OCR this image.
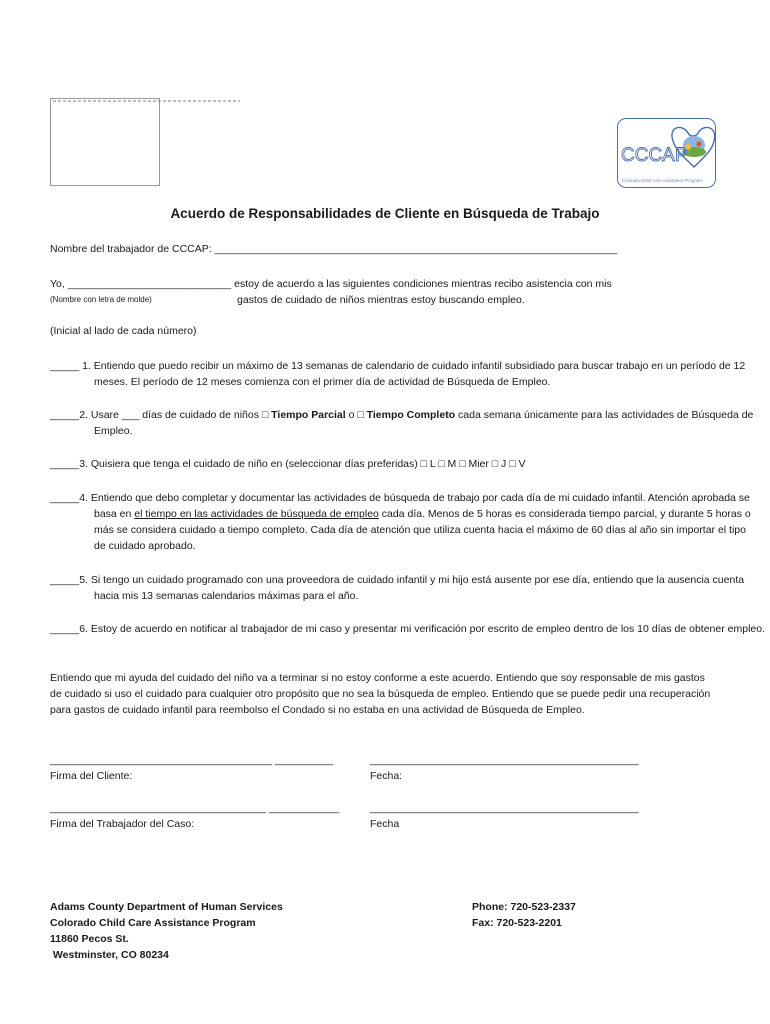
CCCAP
Colorado Child Care Assistance Program
Acuerdo de Responsabilidades de Cliente en Búsqueda de Trabajo
Nombre del trabajador de CCCAP: _____________________________________________________________________
Yo, ____________________________ estoy de acuerdo a las siguientes condiciones mientras recibo asistencia con mis
(Nombre con letra de molde)	gastos de cuidado de niños mientras estoy buscando empleo.
(Inicial al lado de cada número)
_____ 1. Entiendo que puedo recibir un máximo de 13 semanas de calendario de cuidado infantil subsidiado para buscar trabajo en un período de 12 meses. El período de 12 meses comienza con el primer día de actividad de Búsqueda de Empleo.
_____2. Usare ___ días de cuidado de niños □ Tiempo Parcial o □ Tiempo Completo cada semana únicamente para las actividades de Búsqueda de Empleo.
_____3. Quisiera que tenga el cuidado de niño en (seleccionar días preferidas) □ L □ M □ Mier □ J □ V
_____4. Entiendo que debo completar y documentar las actividades de búsqueda de trabajo por cada día de mi cuidado infantil. Atención aprobada se basa en el tiempo en las actividades de búsqueda de empleo cada día. Menos de 5 horas es considerada tiempo parcial, y durante 5 horas o más se considera cuidado a tiempo completo. Cada día de atención que utiliza cuenta hacia el máximo de 60 días al año sin importar el tipo de cuidado aprobado.
_____5. Si tengo un cuidado programado con una proveedora de cuidado infantil y mi hijo está ausente por ese día, entiendo que la ausencia cuenta hacia mis 13 semanas calendarios máximas para el año.
_____6. Estoy de acuerdo en notificar al trabajador de mi caso y presentar mi verificación por escrito de empleo dentro de los 10 días de obtener empleo.
Entiendo que mi ayuda del cuidado del niño va a terminar si no estoy conforme a este acuerdo. Entiendo que soy responsable de mis gastos de cuidado si uso el cuidado para cualquier otro propósito que no sea la búsqueda de empleo. Entiendo que se puede pedir una recuperación para gastos de cuidado infantil para reembolso el Condado si no estaba en una actividad de Búsqueda de Empleo.
______________________________________ __________
Firma del Cliente:
______________________________________________
Fecha:
_____________________________________ ____________
Firma del Trabajador del Caso:
______________________________________________
Fecha
Adams County Department of Human Services
Colorado Child Care Assistance Program
11860 Pecos St.
Westminster, CO 80234
Phone: 720-523-2337
Fax: 720-523-2201
